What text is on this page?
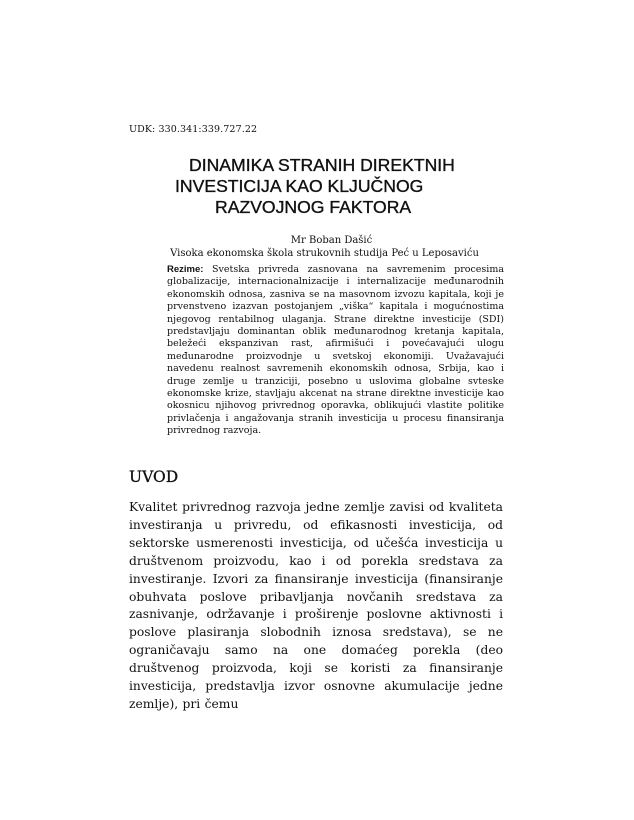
UDK: 330.341:339.727.22
DINAMIKA STRANIH DIREKTNIH
INVESTICIJA KAO KLJUČNOG
RAZVOJNOG FAKTORA
Mr Boban Dašić
Visoka ekonomska škola strukovnih studija Peć u Leposaviću

Rezime: Svetska privreda zasnovana na savremenim procesima globalizacije, internacionalnizacije i internalizacije međunarodnih ekonomskih odnosa, zasniva se na masovnom izvozu kapitala, koji je prvenstveno izazvan postojanjem „viška“ kapitala i mogućnostima njegovog rentabilnog ulaganja. Strane direktne investicije (SDI) predstavljaju dominantan oblik međunarodnog kretanja kapitala, beležeći ekspanzivan rast, afirmišući i povećavajući ulogu međunarodne proizvodnje u svetskoj ekonomiji. Uvažavajući navedenu realnost savremenih ekonomskih odnosa, Srbija, kao i druge zemlje u tranziciji, posebno u uslovima globalne svteske ekonomske krize, stavljaju akcenat na strane direktne investicije kao okosnicu njihovog privrednog oporavka, oblikujući vlastite politike privlačenja i angažovanja stranih investicija u procesu finansiranja privrednog razvoja.

UVOD

Kvalitet privrednog razvoja jedne zemlje zavisi od kvaliteta investiranja u privredu, od efikasnosti investicija, od sektorske usmerenosti investicija, od učešća investicija u društvenom proizvodu, kao i od porekla sredstava za investiranje. Izvori za finansiranje investicija (finansiranje obuhvata poslove pribavljanja novčanih sredstava za zasnivanje, održavanje i proširenje poslovne aktivnosti i poslove plasiranja slobodnih iznosa sredstava), se ne ograničavaju samo na one domaćeg porekla (deo društvenog proizvoda, koji se koristi za finansiranje investicija, predstavlja izvor osnovne akumulacije jedne zemlje), pri čemu
